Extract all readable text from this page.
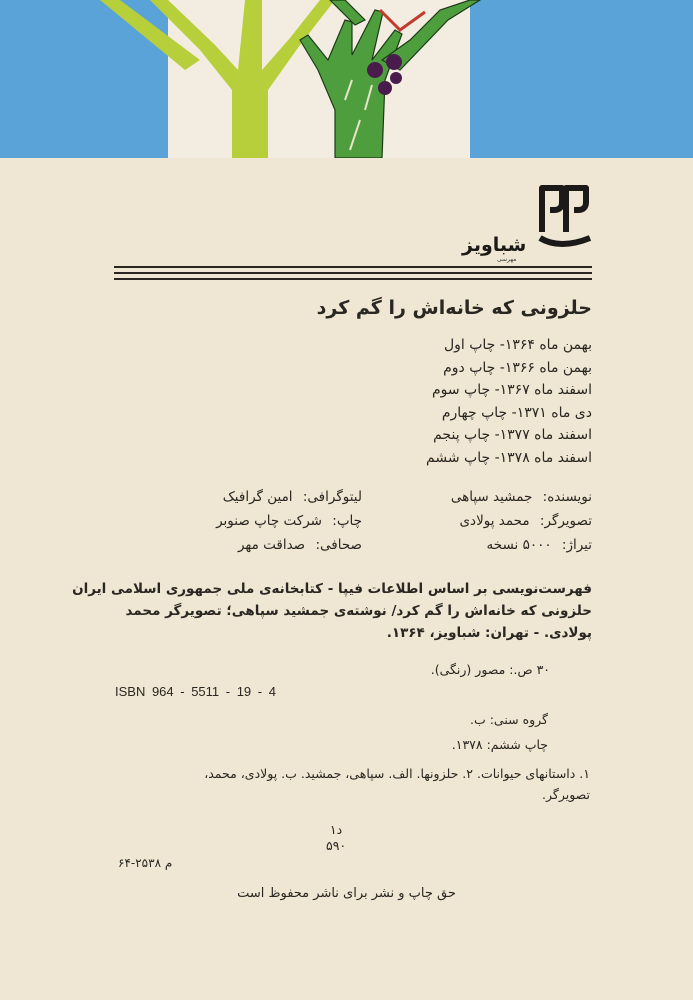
شباویز
مهرسی
حلزونی که خانه‌اش را گم کرد
بهمن ماه ۱۳۶۴- چاپ اول
بهمن ماه ۱۳۶۶- چاپ دوم
اسفند ماه ۱۳۶۷- چاپ سوم
دی ماه ۱۳۷۱- چاپ چهارم
اسفند ماه ۱۳۷۷- چاپ پنجم
اسفند ماه ۱۳۷۸- چاپ ششم
نویسنده: جمشید سپاهی
تصویرگر: محمد پولادی
تیراژ: ۵۰۰۰ نسخه
لیتوگرافی: امین گرافیک
چاپ: شرکت چاپ صنوبر
صحافی: صداقت مهر
فهرست‌نویسی بر اساس اطلاعات فیپا - کتابخانه‌ی ملی جمهوری اسلامی ایران
حلزونی که خانه‌اش را گم کرد/ نوشته‌ی جمشید سپاهی؛ تصویرگر محمد
پولادی. - تهران: شباویز، ۱۳۶۴.
۳۰ ص.: مصور (رنگی).
ISBN 964 - 5511 - 19 - 4
گروه سنی: ب.
چاپ ششم: ۱۳۷۸.
۱. داستانهای حیوانات. ۲. حلزونها. الف. سپاهی، جمشید. ب. پولادی، محمد،
تصویرگر.
د۱
۵۹۰
م ۲۵۳۸-۶۴
حق چاپ و نشر برای ناشر محفوظ است
